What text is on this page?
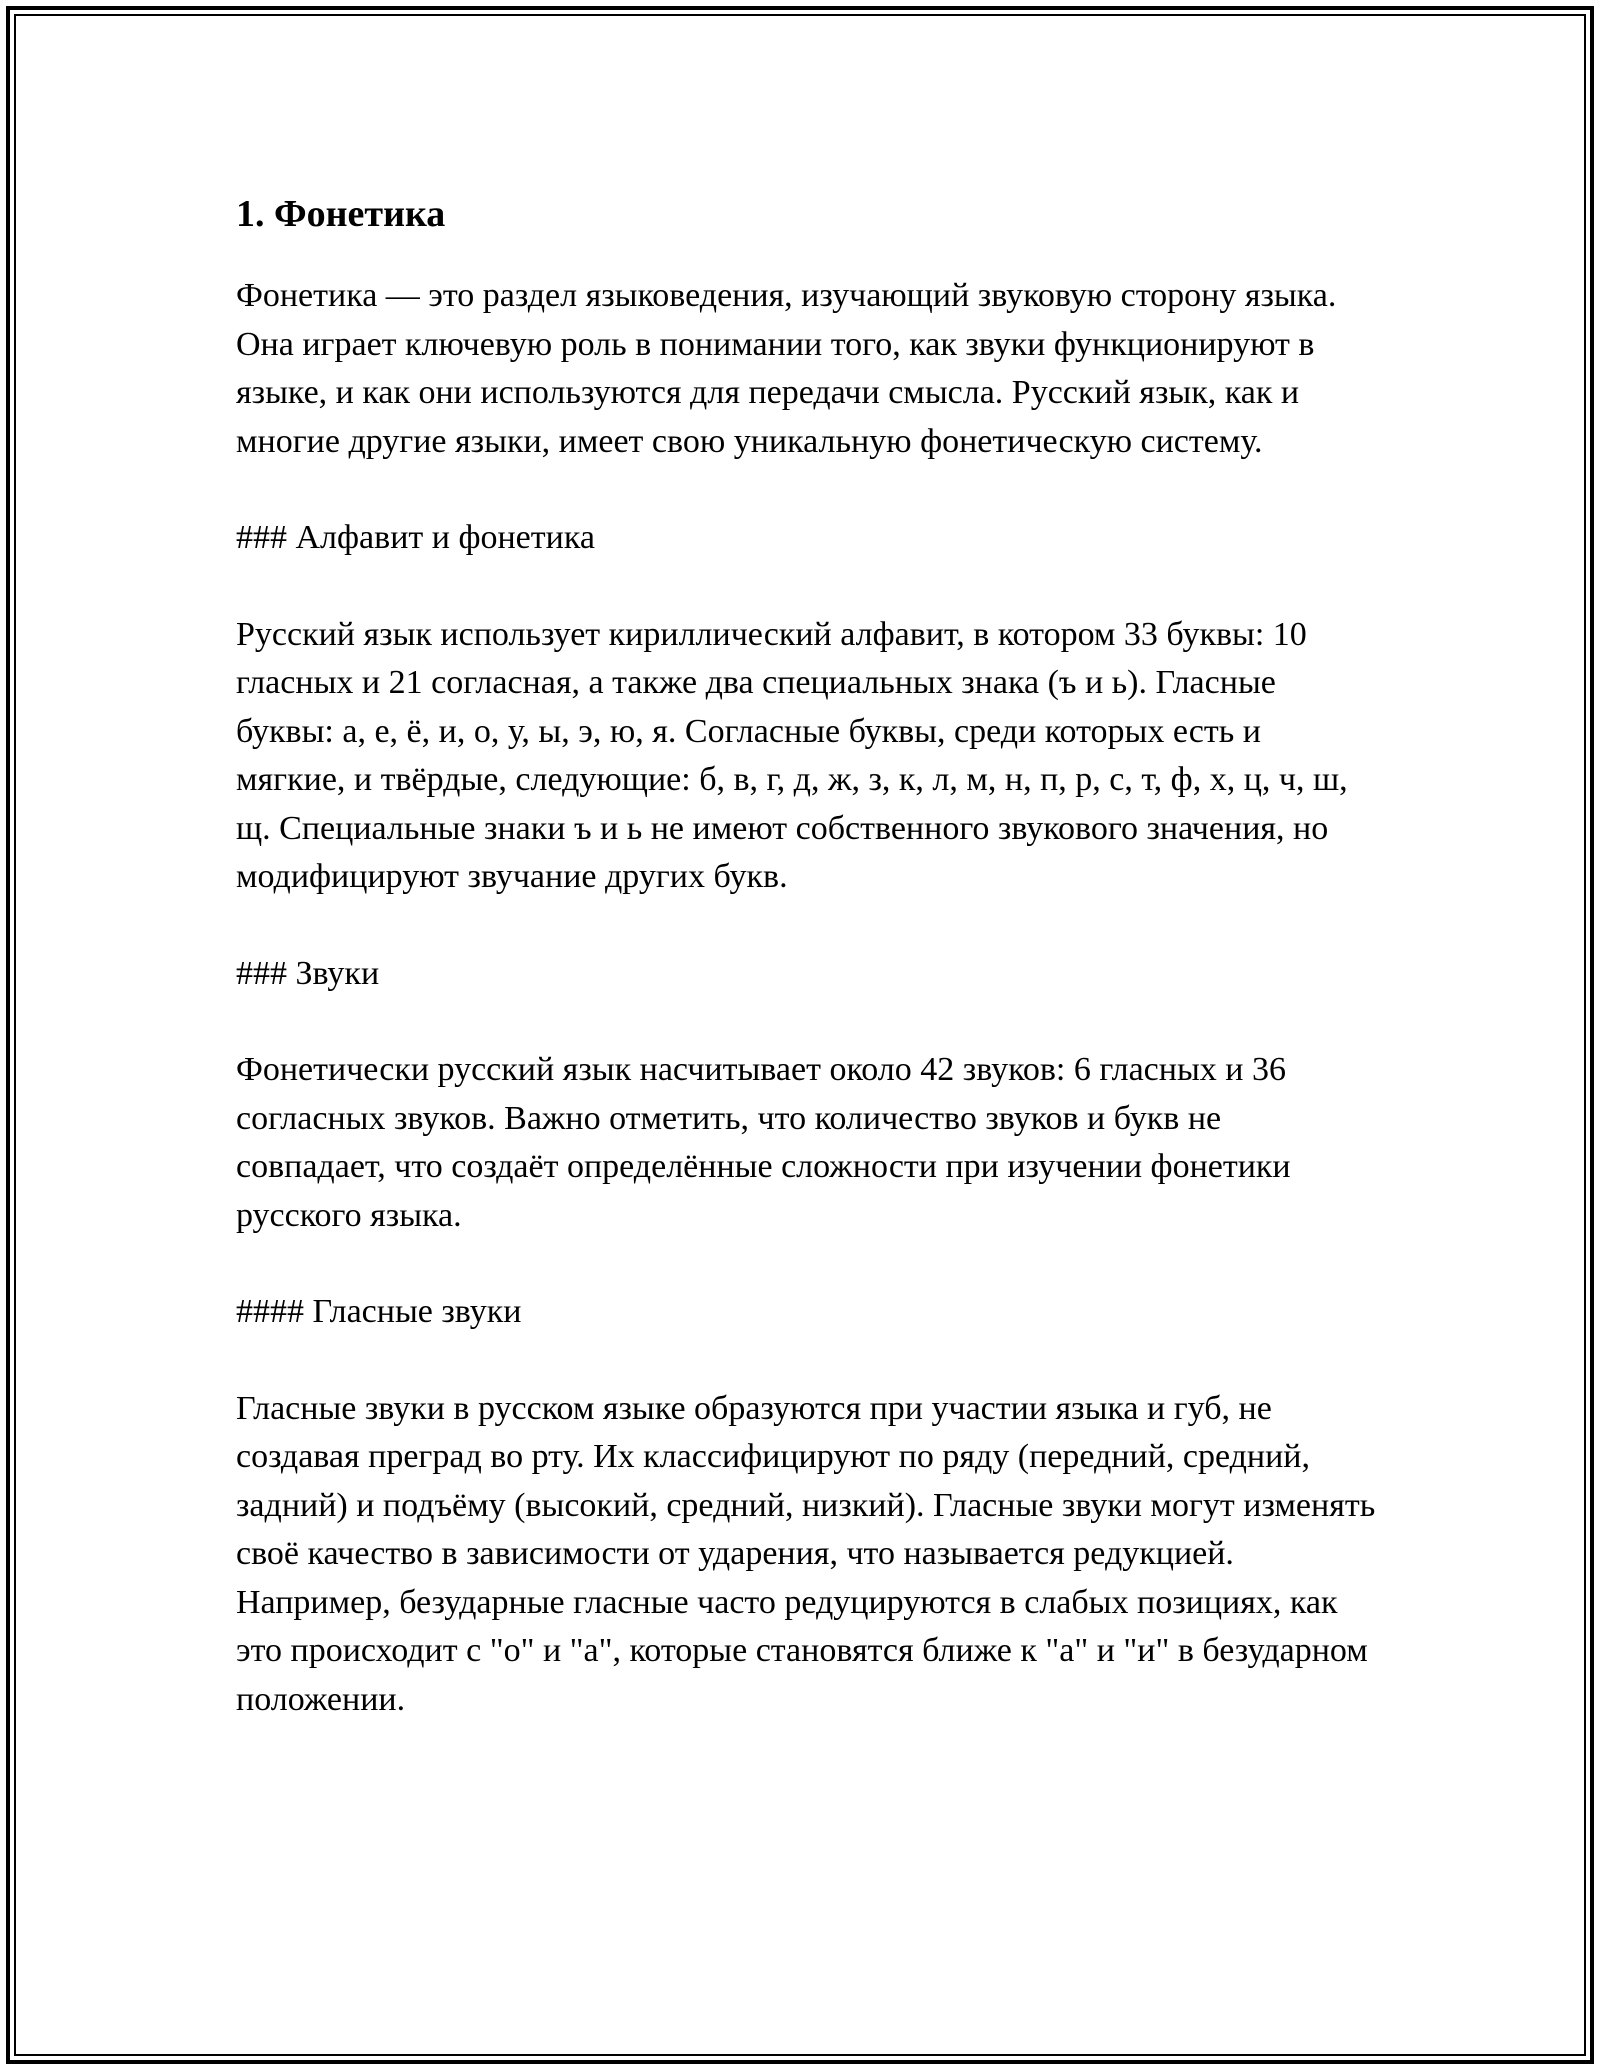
1. Фонетика

Фонетика — это раздел языковедения, изучающий звуковую сторону языка. Она играет ключевую роль в понимании того, как звуки функционируют в языке, и как они используются для передачи смысла. Русский язык, как и многие другие языки, имеет свою уникальную фонетическую систему.

### Алфавит и фонетика

Русский язык использует кириллический алфавит, в котором 33 буквы: 10 гласных и 21 согласная, а также два специальных знака (ъ и ь). Гласные буквы: а, е, ё, и, о, у, ы, э, ю, я. Согласные буквы, среди которых есть и мягкие, и твёрдые, следующие: б, в, г, д, ж, з, к, л, м, н, п, р, с, т, ф, х, ц, ч, ш, щ. Специальные знаки ъ и ь не имеют собственного звукового значения, но модифицируют звучание других букв.

### Звуки

Фонетически русский язык насчитывает около 42 звуков: 6 гласных и 36 согласных звуков. Важно отметить, что количество звуков и букв не совпадает, что создаёт определённые сложности при изучении фонетики русского языка.

#### Гласные звуки

Гласные звуки в русском языке образуются при участии языка и губ, не создавая преград во рту. Их классифицируют по ряду (передний, средний, задний) и подъёму (высокий, средний, низкий). Гласные звуки могут изменять своё качество в зависимости от ударения, что называется редукцией. Например, безударные гласные часто редуцируются в слабых позициях, как это происходит с "о" и "а", которые становятся ближе к "а" и "и" в безударном положении.
